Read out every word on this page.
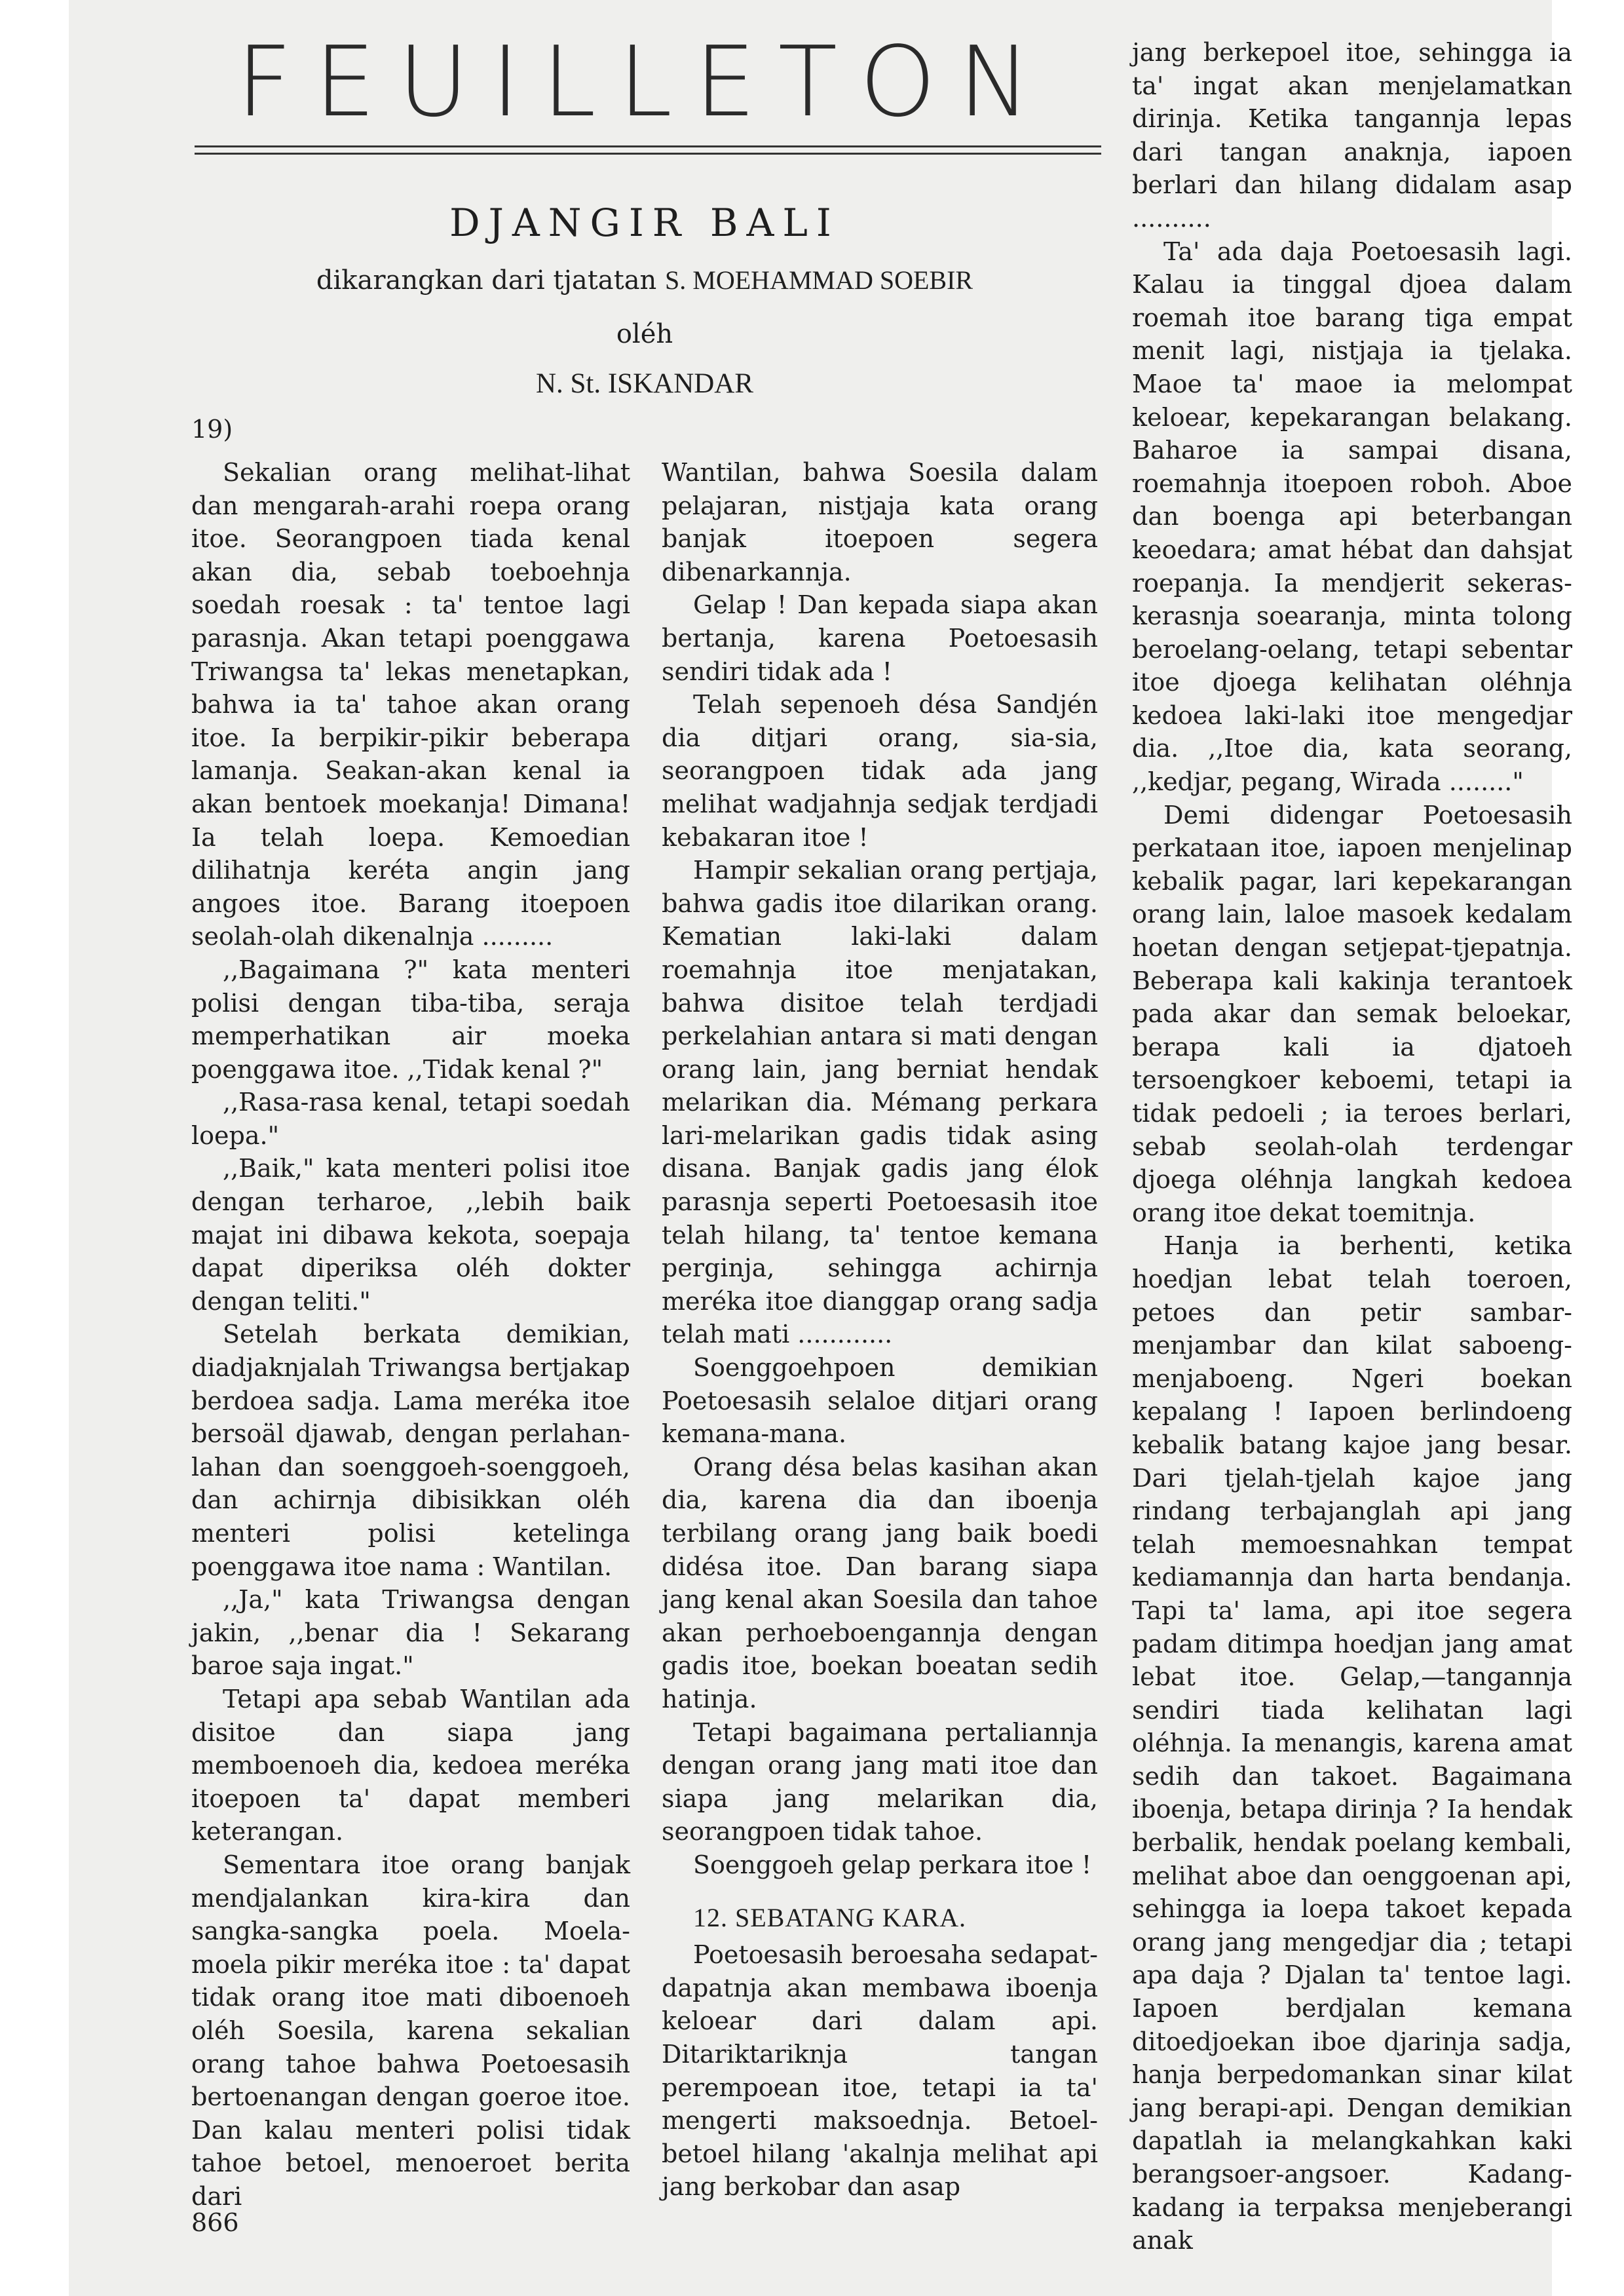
FEUILLETON
DJANGIR BALI
dikarangkan dari tjatatan S. MOEHAMMAD SOEBIR
oléh
N. St. ISKANDAR
19)

Sekalian orang melihat-lihat dan mengarah-arahi roepa orang itoe. Seorangpoen tiada kenal akan dia, sebab toeboehnja soedah roesak : ta' tentoe lagi parasnja. Akan tetapi poenggawa Triwangsa ta' lekas menetapkan, bahwa ia ta' tahoe akan orang itoe. Ia berpikir-pikir beberapa lamanja. Seakan-akan kenal ia akan bentoek moekanja! Dimana! Ia telah loepa. Kemoedian dilihatnja keréta angin jang angoes itoe. Barang itoepoen seolah-olah dikenalnja .........

,,Bagaimana ?" kata menteri polisi dengan tiba-tiba, seraja memperhatikan air moeka poenggawa itoe. ,,Tidak kenal ?"

,,Rasa-rasa kenal, tetapi soedah loepa."

,,Baik," kata menteri polisi itoe dengan terharoe, ,,lebih baik majat ini dibawa kekota, soepaja dapat diperiksa oléh dokter dengan teliti."

Setelah berkata demikian, diadjaknjalah Triwangsa bertjakap berdoea sadja. Lama meréka itoe bersoäl djawab, dengan perlahan-lahan dan soenggoeh-soenggoeh, dan achirnja dibisikkan oléh menteri polisi ketelinga poenggawa itoe nama : Wantilan.

,,Ja," kata Triwangsa dengan jakin, ,,benar dia ! Sekarang baroe saja ingat."

Tetapi apa sebab Wantilan ada disitoe dan siapa jang memboenoeh dia, kedoea meréka itoepoen ta' dapat memberi keterangan.

Sementara itoe orang banjak mendjalankan kira-kira dan sangka-sangka poela. Moela-moela pikir meréka itoe : ta' dapat tidak orang itoe mati diboenoeh oléh Soesila, karena sekalian orang tahoe bahwa Poetoesasih bertoenangan dengan goeroe itoe. Dan kalau menteri polisi tidak tahoe betoel, menoeroet berita dari

Wantilan, bahwa Soesila dalam pelajaran, nistjaja kata orang banjak itoepoen segera dibenarkannja.

Gelap ! Dan kepada siapa akan bertanja, karena Poetoesasih sendiri tidak ada !

Telah sepenoeh désa Sandjén dia ditjari orang, sia-sia, seorangpoen tidak ada jang melihat wadjahnja sedjak terdjadi kebakaran itoe !

Hampir sekalian orang pertjaja, bahwa gadis itoe dilarikan orang. Kematian laki-laki dalam roemahnja itoe menjatakan, bahwa disitoe telah terdjadi perkelahian antara si mati dengan orang lain, jang berniat hendak melarikan dia. Mémang perkara lari-melarikan gadis tidak asing disana. Banjak gadis jang élok parasnja seperti Poetoesasih itoe telah hilang, ta' tentoe kemana perginja, sehingga achirnja meréka itoe dianggap orang sadja telah mati ............

Soenggoehpoen demikian Poetoesasih selaloe ditjari orang kemana-mana.

Orang désa belas kasihan akan dia, karena dia dan iboenja terbilang orang jang baik boedi didésa itoe. Dan barang siapa jang kenal akan Soesila dan tahoe akan perhoeboengannja dengan gadis itoe, boekan boeatan sedih hatinja.

Tetapi bagaimana pertaliannja dengan orang jang mati itoe dan siapa jang melarikan dia, seorangpoen tidak tahoe.

Soenggoeh gelap perkara itoe !

12. SEBATANG KARA.

Poetoesasih beroesaha sedapat-dapatnja akan membawa iboenja keloear dari dalam api. Ditariktariknja tangan perempoean itoe, tetapi ia ta' mengerti maksoednja. Betoel-betoel hilang 'akalnja melihat api jang berkobar dan asap

jang berkepoel itoe, sehingga ia ta' ingat akan menjelamatkan dirinja. Ketika tangannja lepas dari tangan anaknja, iapoen berlari dan hilang didalam asap ..........

Ta' ada daja Poetoesasih lagi. Kalau ia tinggal djoea dalam roemah itoe barang tiga empat menit lagi, nistjaja ia tjelaka. Maoe ta' maoe ia melompat keloear, kepekarangan belakang. Baharoe ia sampai disana, roemahnja itoepoen roboh. Aboe dan boenga api beterbangan keoedara; amat hébat dan dahsjat roepanja. Ia mendjerit sekeras-kerasnja soearanja, minta tolong beroelang-oelang, tetapi sebentar itoe djoega kelihatan oléhnja kedoea laki-laki itoe mengedjar dia. ,,Itoe dia, kata seorang, ,,kedjar, pegang, Wirada ........"

Demi didengar Poetoesasih perkataan itoe, iapoen menjelinap kebalik pagar, lari kepekarangan orang lain, laloe masoek kedalam hoetan dengan setjepat-tjepatnja. Beberapa kali kakinja terantoek pada akar dan semak beloekar, berapa kali ia djatoeh tersoengkoer keboemi, tetapi ia tidak pedoeli ; ia teroes berlari, sebab seolah-olah terdengar djoega oléhnja langkah kedoea orang itoe dekat toemitnja.

Hanja ia berhenti, ketika hoedjan lebat telah toeroen, petoes dan petir sambar-menjambar dan kilat saboeng-menjaboeng. Ngeri boekan kepalang ! Iapoen berlindoeng kebalik batang kajoe jang besar. Dari tjelah-tjelah kajoe jang rindang terbajanglah api jang telah memoesnahkan tempat kediamannja dan harta bendanja. Tapi ta' lama, api itoe segera padam ditimpa hoedjan jang amat lebat itoe. Gelap,—tangannja sendiri tiada kelihatan lagi oléhnja. Ia menangis, karena amat sedih dan takoet. Bagaimana iboenja, betapa dirinja ? Ia hendak berbalik, hendak poelang kembali, melihat aboe dan oenggoenan api, sehingga ia loepa takoet kepada orang jang mengedjar dia ; tetapi apa daja ? Djalan ta' tentoe lagi. Iapoen berdjalan kemana ditoedjoekan iboe djarinja sadja, hanja berpedomankan sinar kilat jang berapi-api. Dengan demikian dapatlah ia melangkahkan kaki berangsoer-angsoer. Kadang-kadang ia terpaksa menjeberangi anak

866
